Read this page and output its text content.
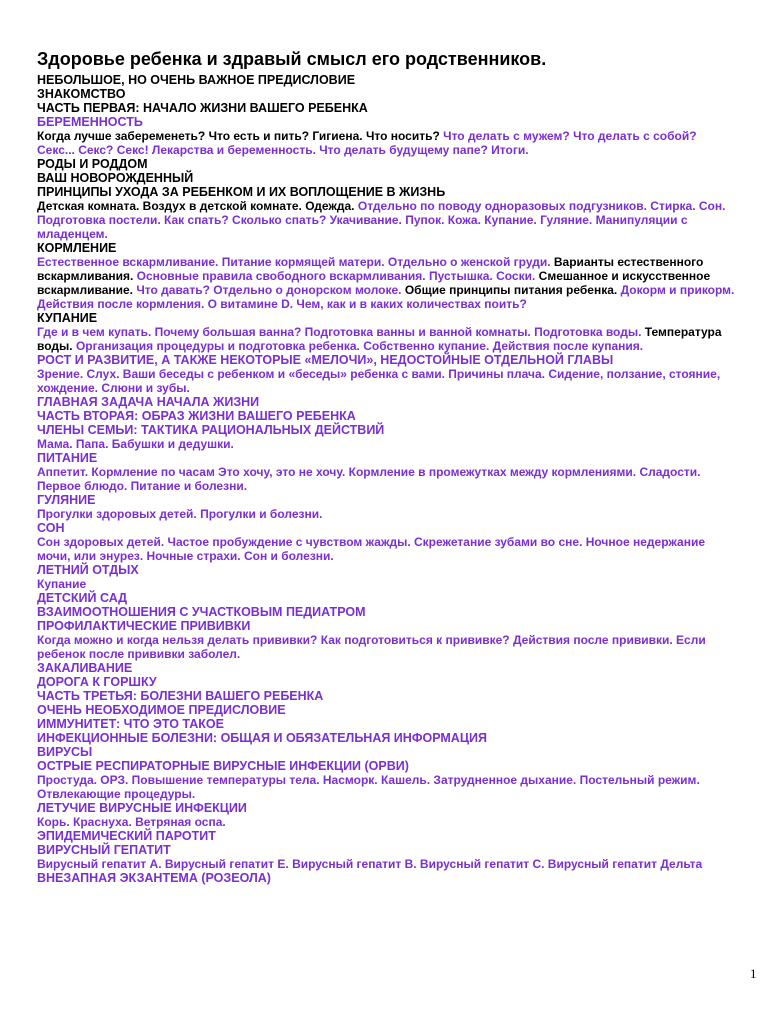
Здоровье ребенка и здравый смысл его родственников.
НЕБОЛЬШОЕ, НО ОЧЕНЬ ВАЖНОЕ ПРЕДИСЛОВИЕ
ЗНАКОМСТВО
ЧАСТЬ ПЕРВАЯ: НАЧАЛО ЖИЗНИ ВАШЕГО РЕБЕНКА
БЕРЕМЕННОСТЬ
Когда лучше забеременеть? Что есть и пить? Гигиена. Что носить? Что делать с мужем? Что делать с собой? Секс... Секс? Секс! Лекарства и беременность. Что делать будущему папе? Итоги.
РОДЫ И РОДДОМ
ВАШ НОВОРОЖДЕННЫЙ
ПРИНЦИПЫ УХОДА ЗА РЕБЕНКОМ И ИХ ВОПЛОЩЕНИЕ В ЖИЗНЬ
Детская комната. Воздух в детской комнате. Одежда. Отдельно по поводу одноразовых подгузников. Стирка. Сон. Подготовка постели. Как спать? Сколько спать? Укачивание. Пупок. Кожа. Купание. Гуляние. Манипуляции с младенцем.
КОРМЛЕНИЕ
Естественное вскармливание. Питание кормящей матери. Отдельно о женской груди. Варианты естественного вскармливания. Основные правила свободного вскармливания. Пустышка. Соски. Смешанное и искусственное вскармливание. Что давать? Отдельно о донорском молоке. Общие принципы питания ребенка. Докорм и прикорм. Действия после кормления. О витамине D. Чем, как и в каких количествах поить?
КУПАНИЕ
Где и в чем купать. Почему большая ванна? Подготовка ванны и ванной комнаты. Подготовка воды. Температура воды. Организация процедуры и подготовка ребенка. Собственно купание. Действия после купания.
РОСТ И РАЗВИТИЕ, А ТАКЖЕ НЕКОТОРЫЕ «МЕЛОЧИ», НЕДОСТОЙНЫЕ ОТДЕЛЬНОЙ ГЛАВЫ
Зрение. Слух. Ваши беседы с ребенком и «беседы» ребенка с вами. Причины плача. Сидение, ползание, стояние, хождение. Слюни и зубы.
ГЛАВНАЯ ЗАДАЧА НАЧАЛА ЖИЗНИ
ЧАСТЬ ВТОРАЯ: ОБРАЗ ЖИЗНИ ВАШЕГО РЕБЕНКА
ЧЛЕНЫ СЕМЬИ: ТАКТИКА РАЦИОНАЛЬНЫХ ДЕЙСТВИЙ
Мама. Папа. Бабушки и дедушки.
ПИТАНИЕ
Аппетит. Кормление по часам Это хочу, это не хочу. Кормление в промежутках между кормлениями. Сладости. Первое блюдо. Питание и болезни.
ГУЛЯНИЕ
Прогулки здоровых детей. Прогулки и болезни.
СОН
Сон здоровых детей. Частое пробуждение с чувством жажды. Скрежетание зубами во сне. Ночное недержание мочи, или энурез. Ночные страхи. Сон и болезни.
ЛЕТНИЙ ОТДЫХ
Купание
ДЕТСКИЙ САД
ВЗАИМООТНОШЕНИЯ С УЧАСТКОВЫМ ПЕДИАТРОМ
ПРОФИЛАКТИЧЕСКИЕ ПРИВИВКИ
Когда можно и когда нельзя делать прививки? Как подготовиться к прививке? Действия после прививки. Если ребенок после прививки заболел.
ЗАКАЛИВАНИЕ
ДОРОГА К ГОРШКУ
ЧАСТЬ ТРЕТЬЯ: БОЛЕЗНИ ВАШЕГО РЕБЕНКА
ОЧЕНЬ НЕОБХОДИМОЕ ПРЕДИСЛОВИЕ
ИММУНИТЕТ: ЧТО ЭТО ТАКОЕ
ИНФЕКЦИОННЫЕ БОЛЕЗНИ: ОБЩАЯ И ОБЯЗАТЕЛЬНАЯ ИНФОРМАЦИЯ
ВИРУСЫ
ОСТРЫЕ РЕСПИРАТОРНЫЕ ВИРУСНЫЕ ИНФЕКЦИИ (ОРВИ)
Простуда. ОРЗ. Повышение температуры тела. Насморк. Кашель. Затрудненное дыхание. Постельный режим. Отвлекающие процедуры.
ЛЕТУЧИЕ ВИРУСНЫЕ ИНФЕКЦИИ
Корь. Краснуха. Ветряная оспа.
ЭПИДЕМИЧЕСКИЙ ПАРОТИТ
ВИРУСНЫЙ ГЕПАТИТ
Вирусный гепатит A. Вирусный гепатит E. Вирусный гепатит B. Вирусный гепатит C. Вирусный гепатит Дельта
ВНЕЗАПНАЯ ЭКЗАНТЕМА (РОЗЕОЛА)
1
